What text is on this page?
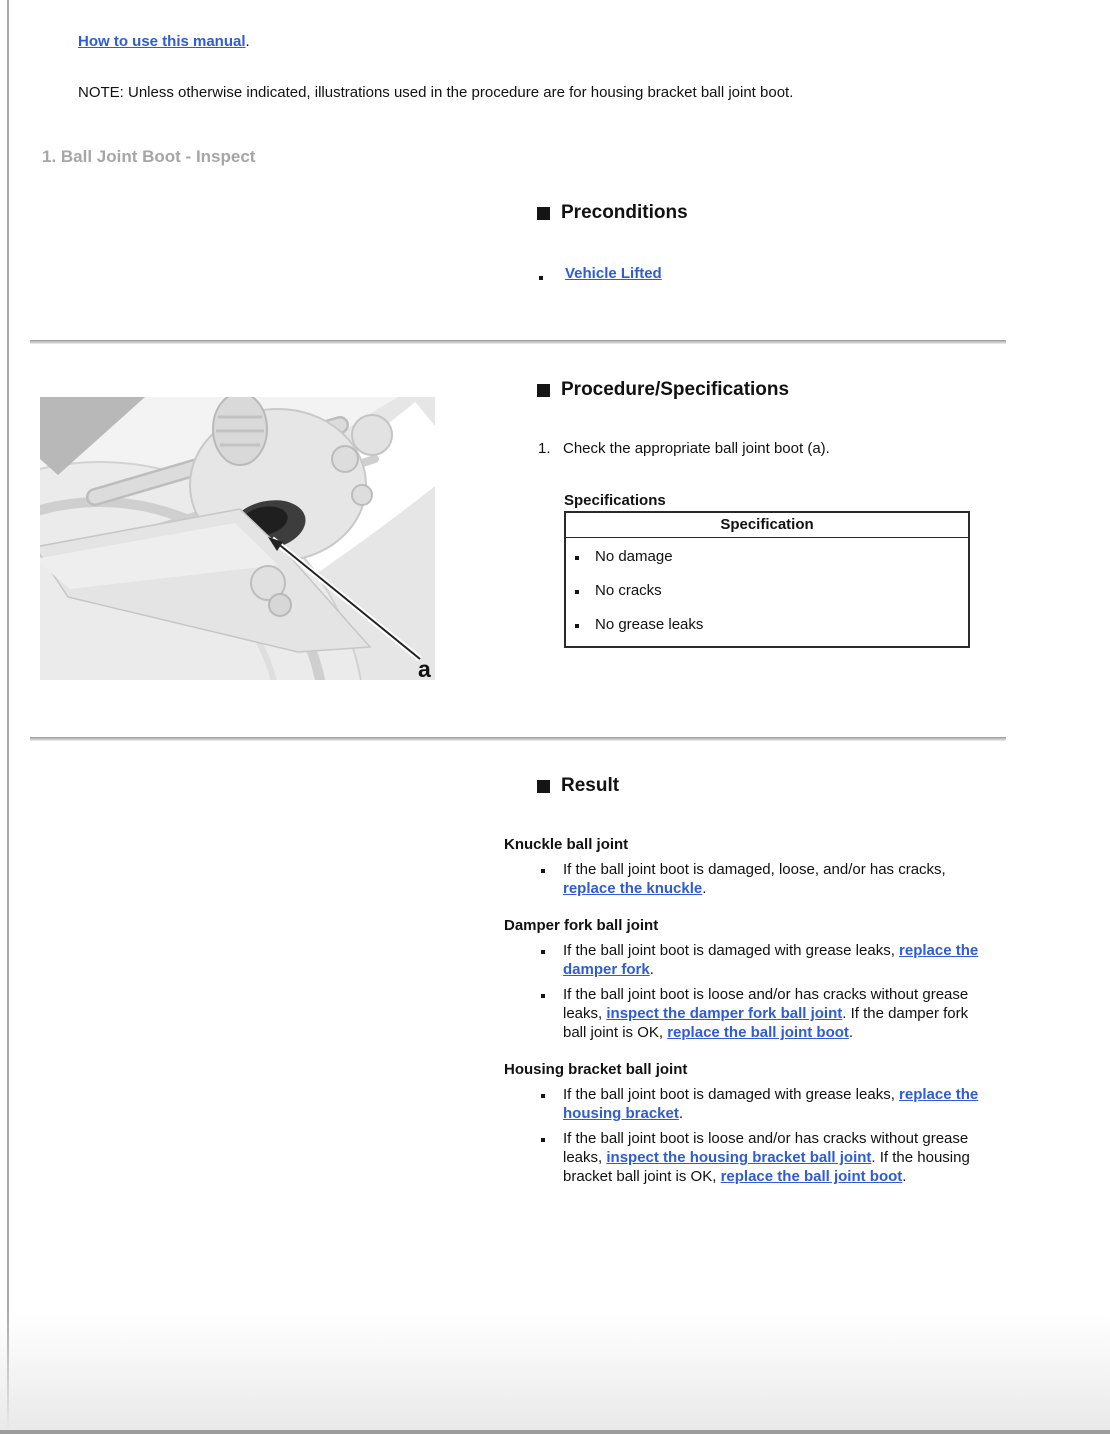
How to use this manual.

NOTE: Unless otherwise indicated, illustrations used in the procedure are for housing bracket ball joint boot.

1. Ball Joint Boot - Inspect
Preconditions
Vehicle Lifted
a
Procedure/Specifications

1. Check the appropriate ball joint boot (a).

Specifications

Specification
No damage
No cracks
No grease leaks
Result
Knuckle ball joint

If the ball joint boot is damaged, loose, and/or has cracks, replace the knuckle.

Damper fork ball joint

If the ball joint boot is damaged with grease leaks, replace the damper fork.

If the ball joint boot is loose and/or has cracks without grease leaks, inspect the damper fork ball joint. If the damper fork ball joint is OK, replace the ball joint boot.

Housing bracket ball joint

If the ball joint boot is damaged with grease leaks, replace the housing bracket.

If the ball joint boot is loose and/or has cracks without grease leaks, inspect the housing bracket ball joint. If the housing bracket ball joint is OK, replace the ball joint boot.
